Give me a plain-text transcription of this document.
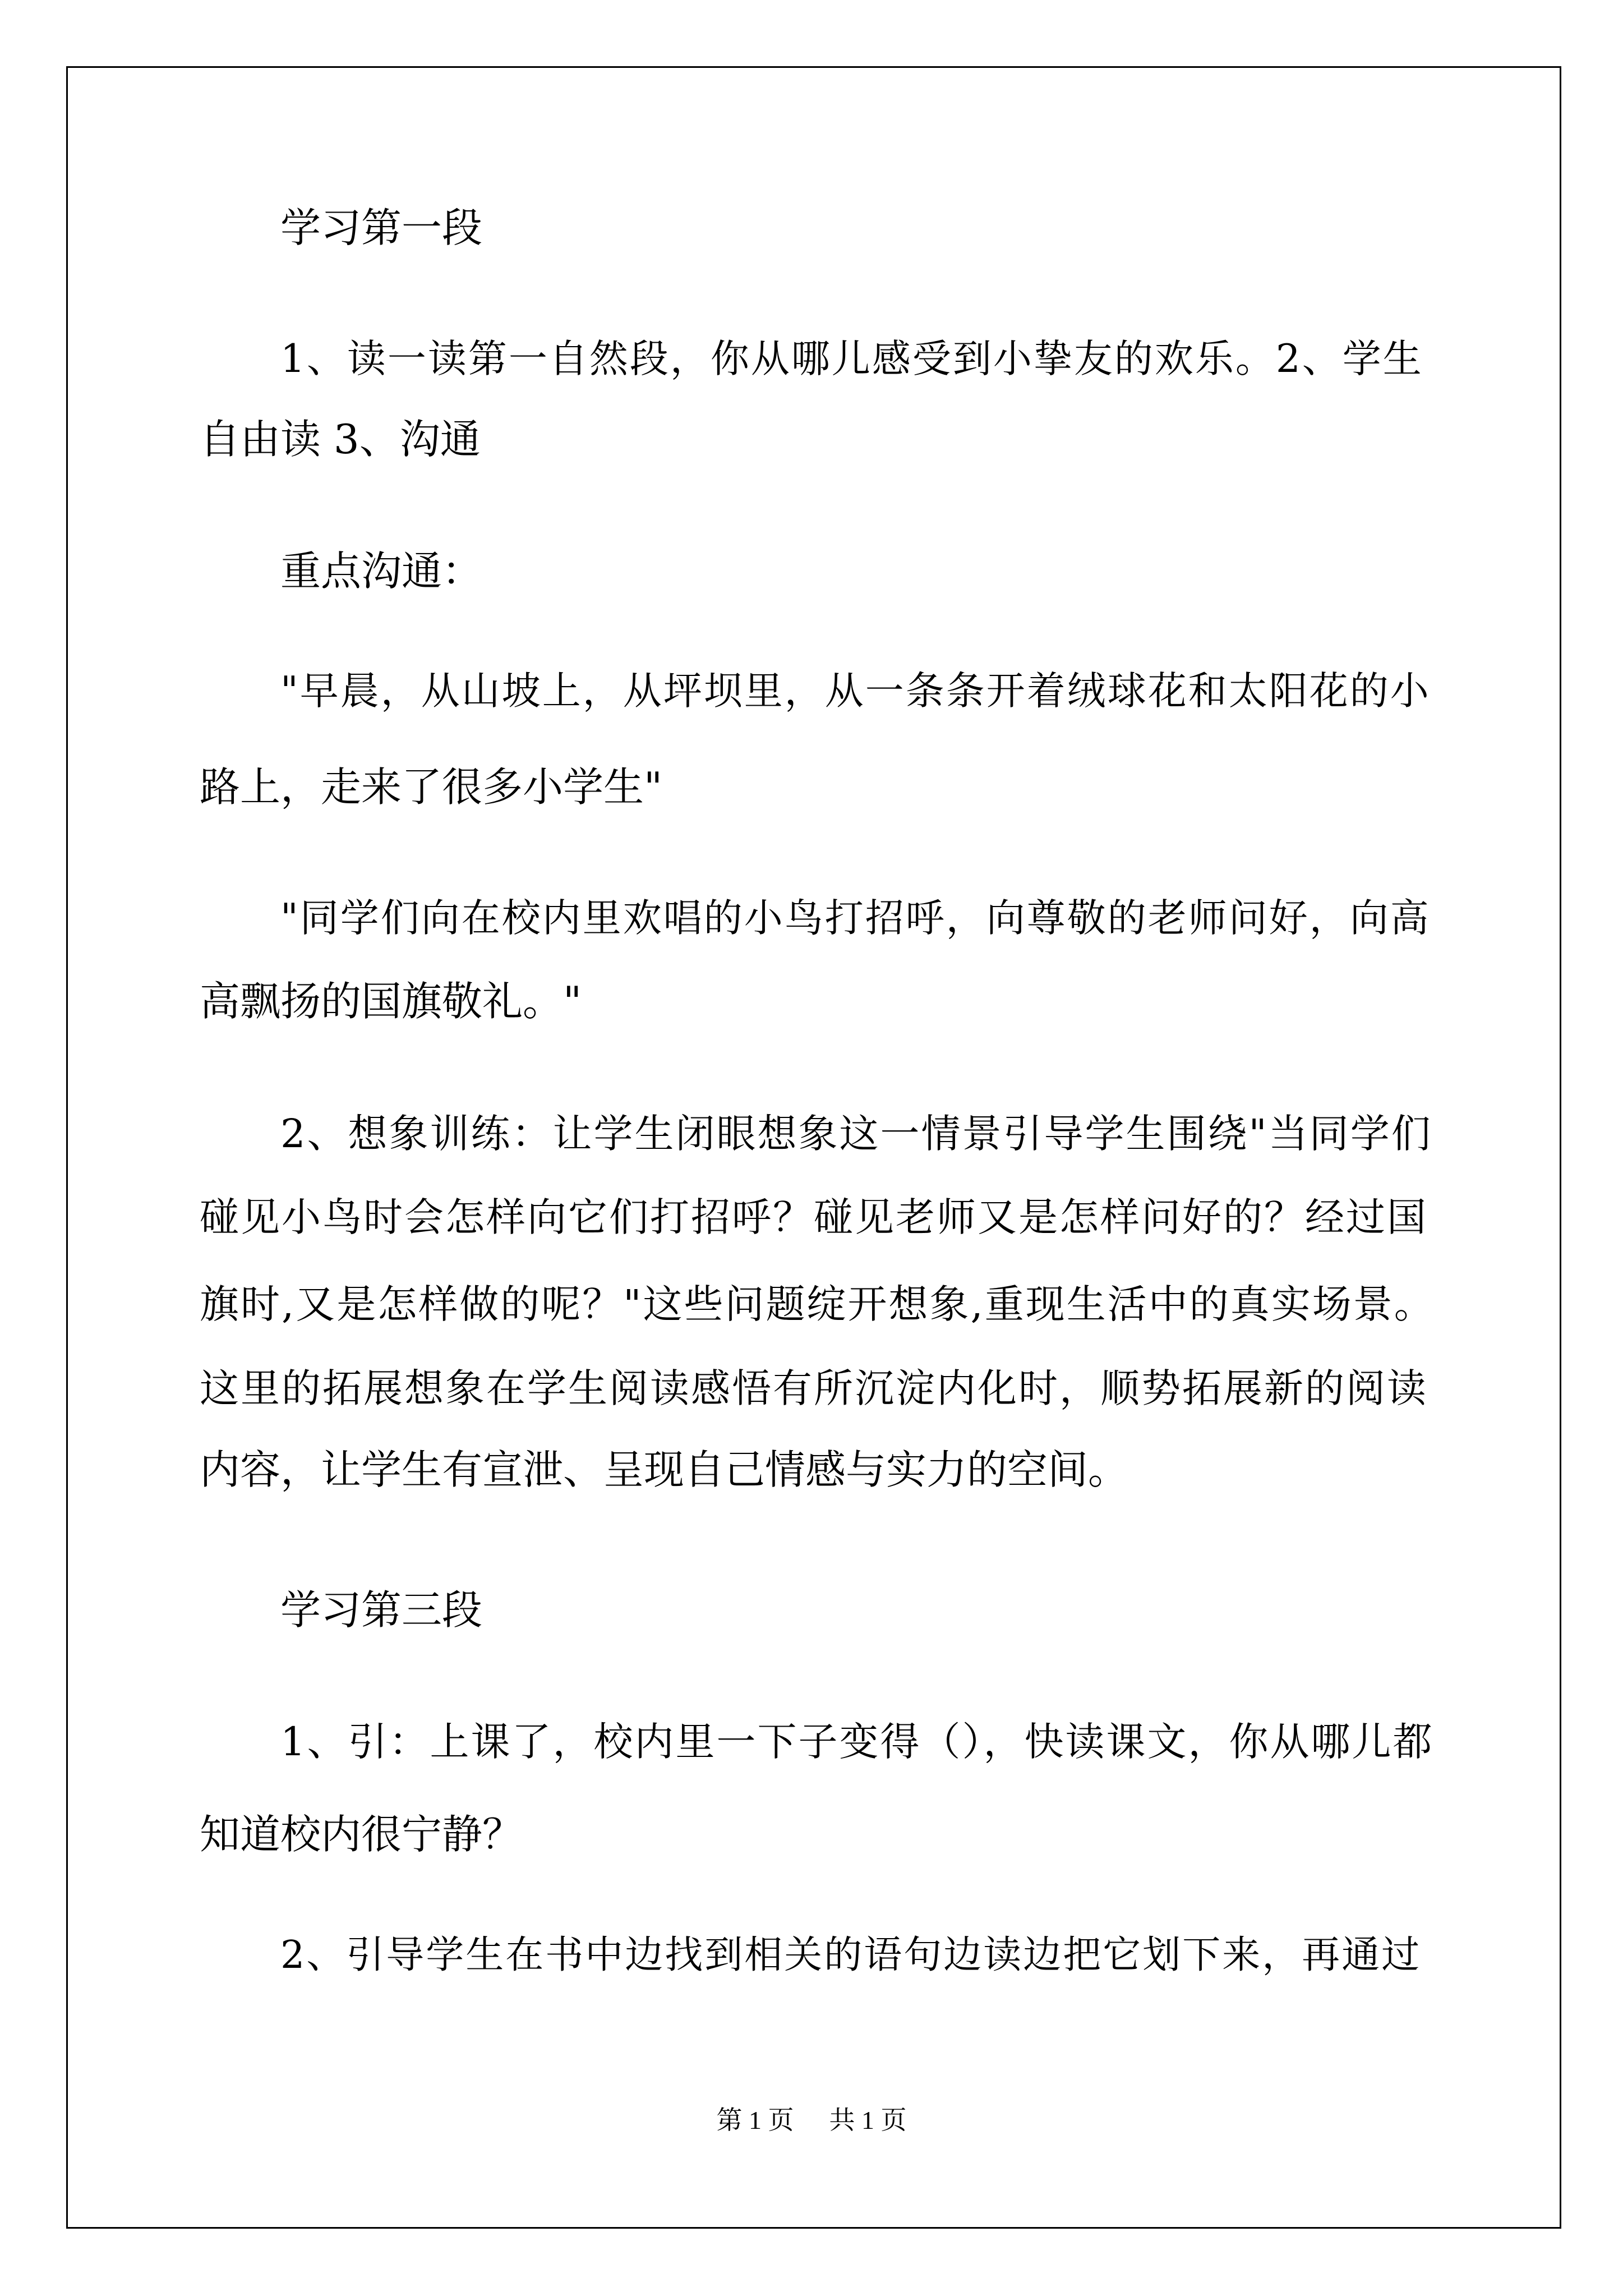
学习第一段
1、读一读第一自然段，你从哪儿感受到小挚友的欢乐。2、学生
自由读 3、沟通
重点沟通：
"早晨，从山坡上，从坪坝里，从一条条开着绒球花和太阳花的小
路上，走来了很多小学生"
"同学们向在校内里欢唱的小鸟打招呼，向尊敬的老师问好，向高
高飘扬的国旗敬礼。"
2、想象训练：让学生闭眼想象这一情景引导学生围绕"当同学们
碰见小鸟时会怎样向它们打招呼？碰见老师又是怎样问好的？经过国
旗时,又是怎样做的呢？"这些问题绽开想象,重现生活中的真实场景。
这里的拓展想象在学生阅读感悟有所沉淀内化时，顺势拓展新的阅读
内容，让学生有宣泄、呈现自己情感与实力的空间。
学习第三段
1、引：上课了，校内里一下子变得（），快读课文，你从哪儿都
知道校内很宁静？
2、引导学生在书中边找到相关的语句边读边把它划下来，再通过
第 1 页 共 1 页
